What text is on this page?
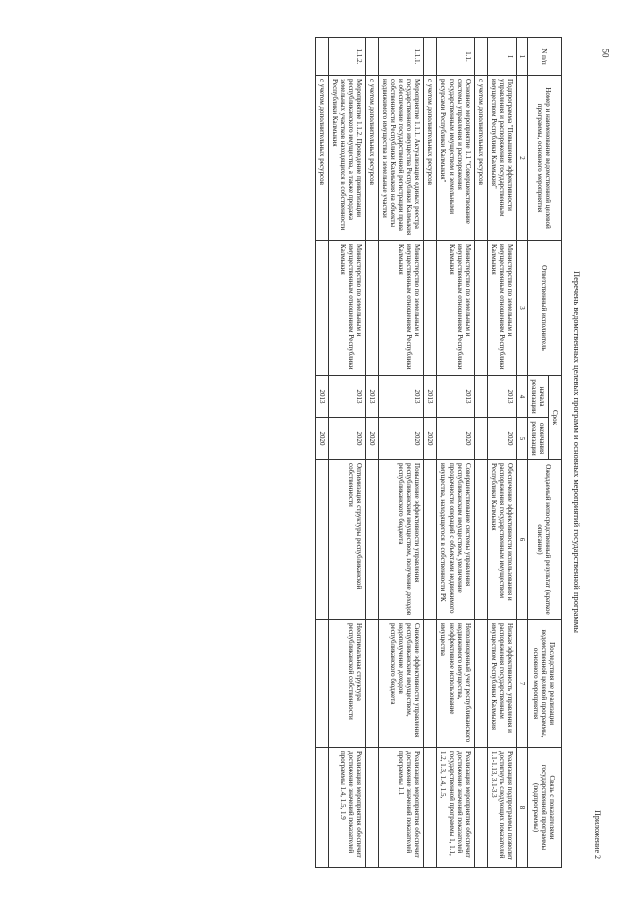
50
Приложение 2
Перечень ведомственных целевых программ и основных мероприятий государственной программы
N п/п	Номер и наименование ведомственной целевой программы, основного мероприятия	Ответственный исполнитель	Срок		Ожидаемый непосредственный результат (краткое описание)	Последствия не реализации ведомственной целевой программы, основного мероприятия	Связь с показателями государственной программы (подпрограммы)
			начала реализации	окончания реализации			
1	2	3	4	5	6	7	8
I	Подпрограмма "Повышение эффективности управления и распоряжения государственным имуществом Республики Калмыкия"	Министерство по земельным и имущественным отношениям Республики Калмыкия	2013	2020	Обеспечение эффективности использования и распоряжения государственным имуществом Республики Калмыкия	Низкая эффективность управления и распоряжения государственным имуществом Республики Калмыкия	Реализация подпрограммы позволит достигнуть следующих показателей 1.1-1.13, 3.1-3.3
	с учетом дополнительных ресурсов						
1.1.	Основное мероприятие 1.1 "Совершенствование системы управления и распоряжения государственным имуществом и земельными ресурсами Республики Калмыкия"	Министерство по земельным и имущественным отношениям Республики Калмыкия	2013	2020	Совершенствование системы управления республиканским имуществом, увеличение прозрачности операций с объектами недвижимого имущества, находящегося в собственности РК	Неполноценный учет республиканского недвижимого имущества, неэффективное использование имущества	Реализация мероприятия обеспечит достижение значений показателей государственной программы 1, 1.1, 1.2, 1.3, 1.4, 1.5,
	с учетом дополнительных ресурсов		2013	2020			
1.1.1.	Мероприятие 1.1.1. Актуализация единых реестра государственного имущества Республики Калмыкия и обеспечение государственной регистрации права собственности Республики Калмыкия на объекты недвижимого имущества и земельные участки	Министерство по земельным и имущественным отношениям Республики Калмыкия	2013	2020	Повышение эффективности управления республиканским имуществом, получение доходов республиканского бюджета	Снижение эффективности управления республиканским имуществом, недополучение доходов республиканского бюджета	Реализация мероприятия обеспечит достижение значений показателей программы 1.1
	с учетом дополнительных ресурсов		2013	2020			
1.1.2.	Мероприятие 1.1.2. Проведение приватизации республиканского имущества, а также продажа земельных участков находящихся в собственности Республики Калмыкия	Министерство по земельным и имущественным отношениям Республики Калмыкия	2013	2020	Оптимизация структуры республиканской собственности	Неоптимальная структура республиканской собственности	Реализация мероприятия обеспечит достижение значений показателей программы 1.4, 1.5, 1.9
	с учетом дополнительных ресурсов		2013	2020			
